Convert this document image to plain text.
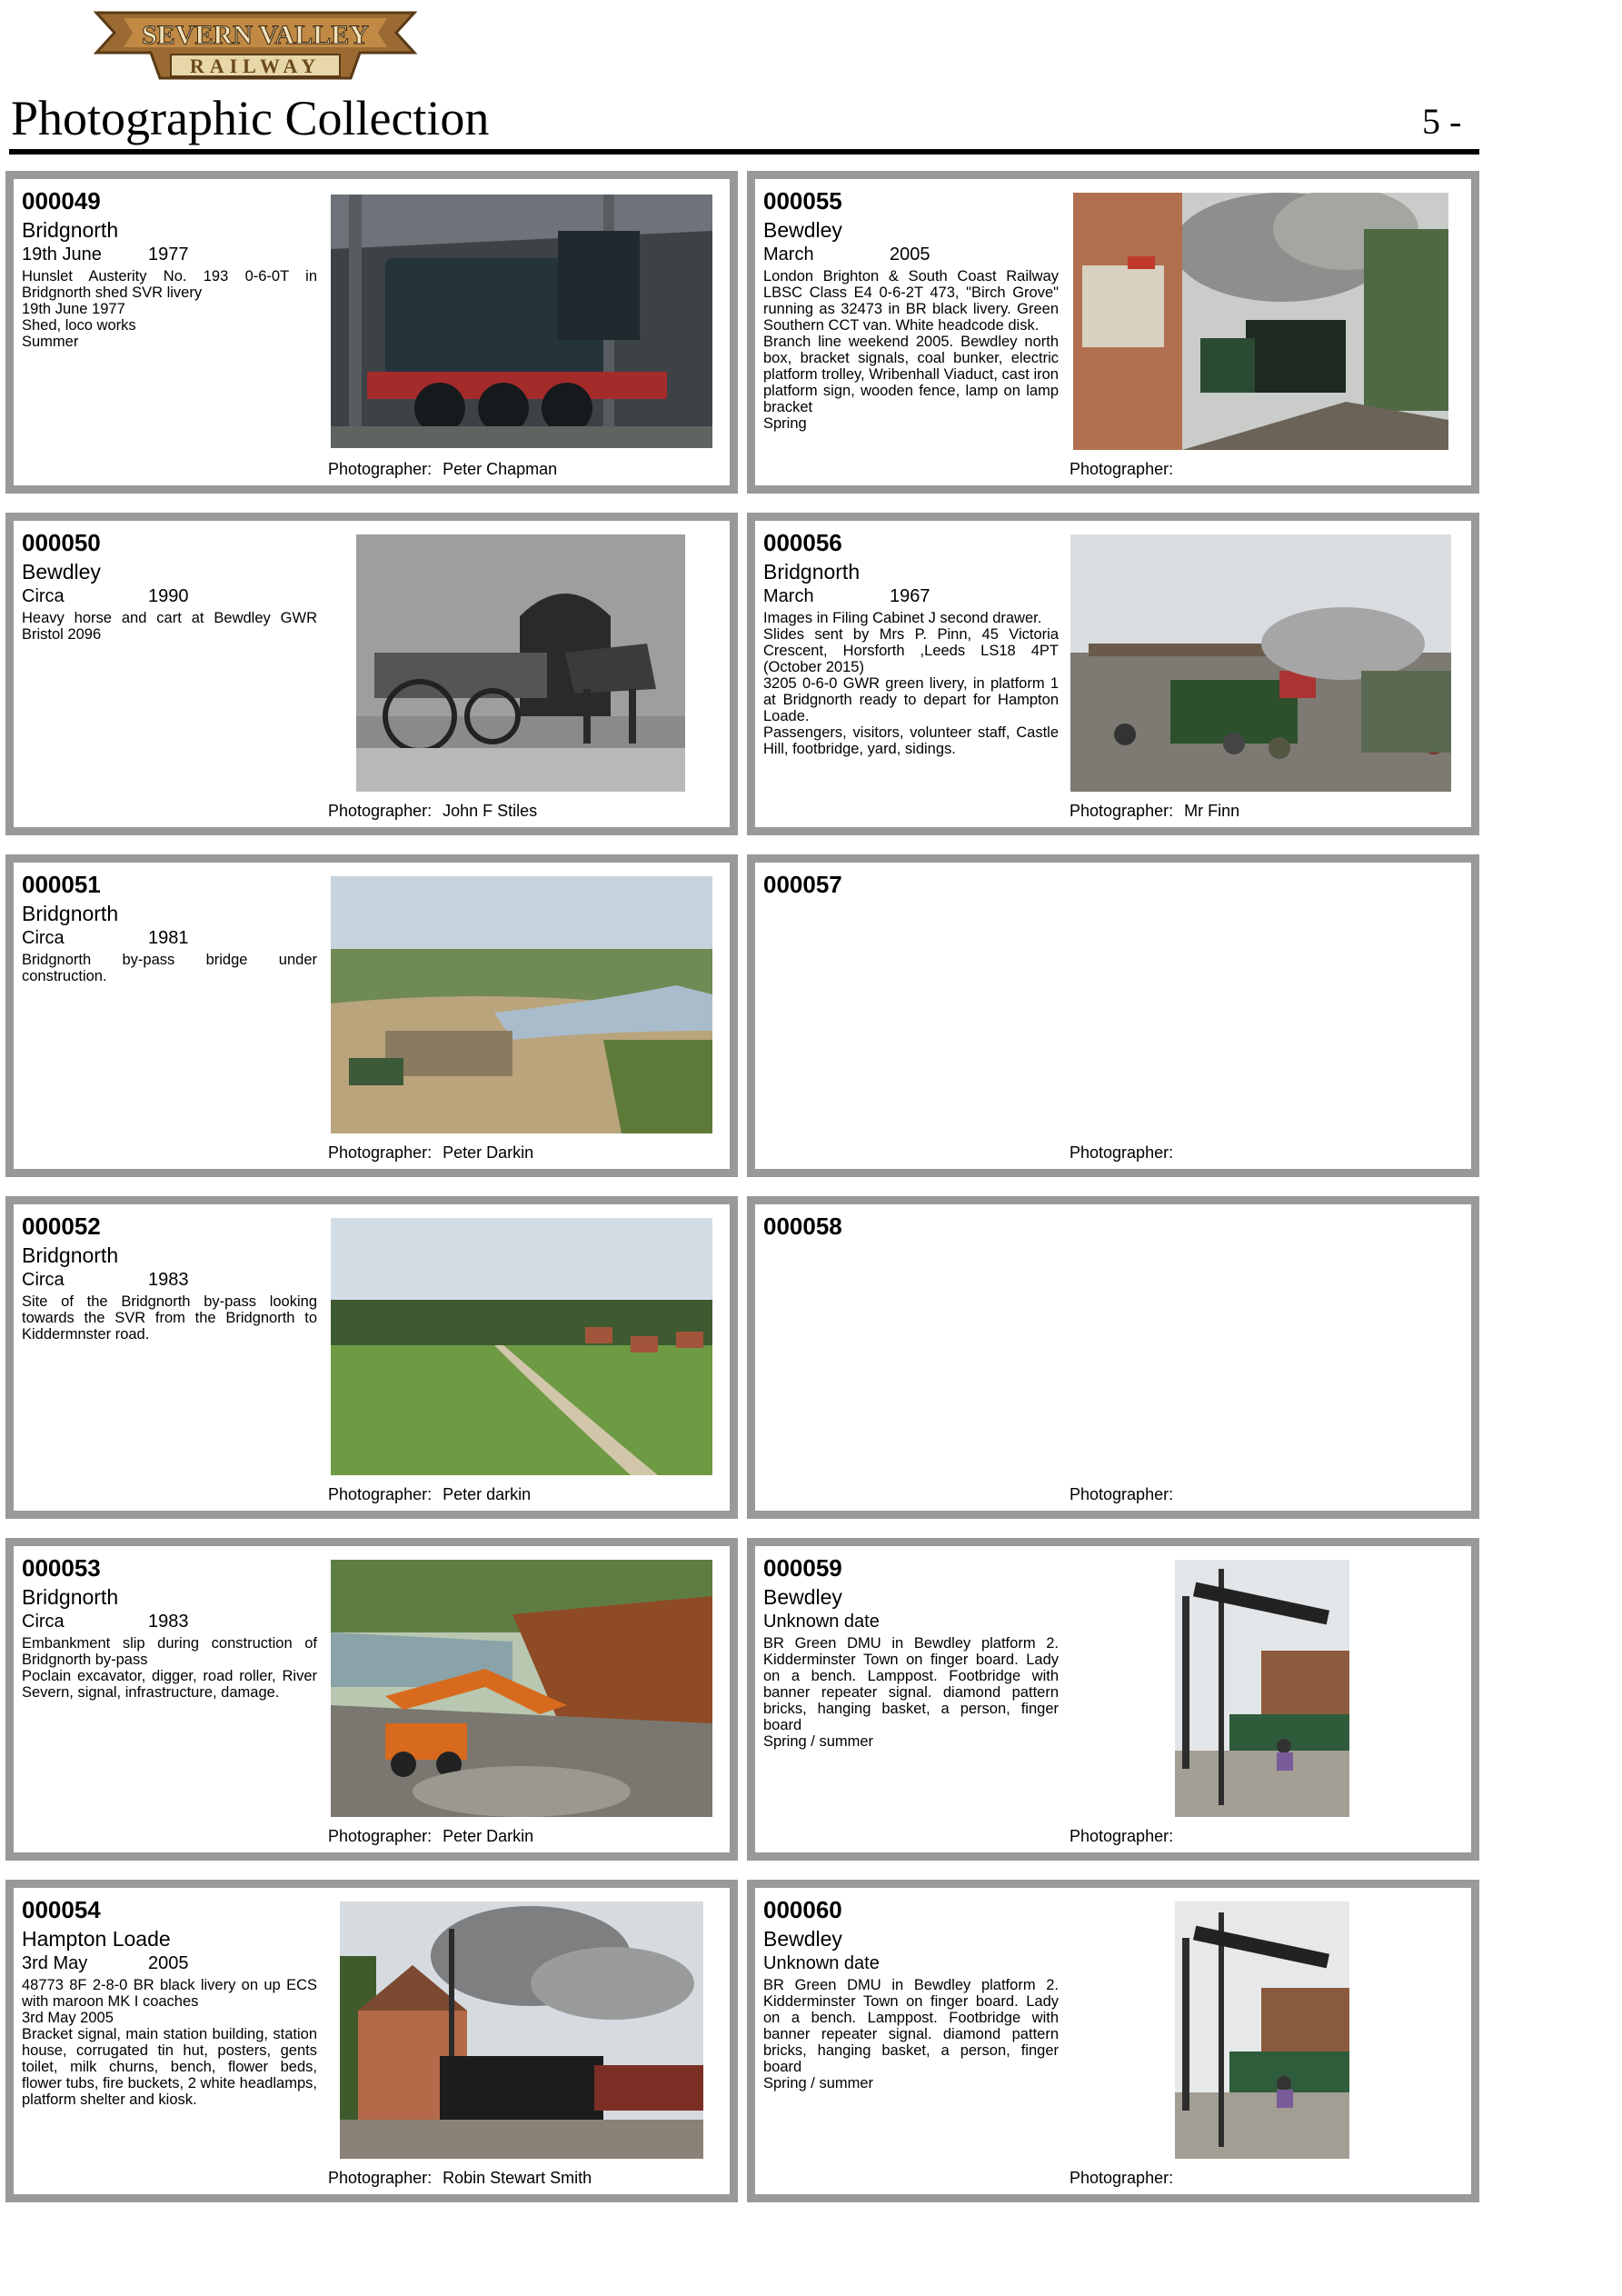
SEVERN VALLEY
RAILWAY
Photographic Collection	5 -
000049
Bridgnorth
19th June	1977
Hunslet Austerity No. 193 0-6-0T in Bridgnorth shed SVR livery
19th June 1977
Shed, loco works
Summer
Photographer: Peter Chapman
000055
Bewdley
March	2005
London Brighton & South Coast Railway LBSC Class E4 0-6-2T 473, "Birch Grove" running as 32473 in BR black livery. Green Southern CCT van. White headcode disk.
Branch line weekend 2005. Bewdley north box, bracket signals, coal bunker, electric platform trolley, Wribenhall Viaduct, cast iron platform sign, wooden fence, lamp on lamp bracket
Spring
Photographer:
000050
Bewdley
Circa	1990
Heavy horse and cart at Bewdley GWR Bristol 2096
Photographer: John F Stiles
000056
Bridgnorth
March	1967
Images in Filing Cabinet J second drawer.
Slides sent by Mrs P. Pinn, 45 Victoria Crescent, Horsforth ,Leeds LS18 4PT (October 2015)
3205 0-6-0 GWR green livery, in platform 1 at Bridgnorth ready to depart for Hampton Loade.
Passengers, visitors, volunteer staff, Castle Hill, footbridge, yard, sidings.
Photographer: Mr Finn
000051
Bridgnorth
Circa	1981
Bridgnorth by-pass bridge under construction.
Photographer: Peter Darkin
000057
Photographer:
000052
Bridgnorth
Circa	1983
Site of the Bridgnorth by-pass looking towards the SVR from the Bridgnorth to Kiddermnster road.
Photographer: Peter darkin
000058
Photographer:
000053
Bridgnorth
Circa	1983
Embankment slip during construction of Bridgnorth by-pass
Poclain excavator, digger, road roller, River Severn, signal, infrastructure, damage.
Photographer: Peter Darkin
000059
Bewdley
Unknown date
BR Green DMU in Bewdley platform 2. Kidderminster Town on finger board. Lady on a bench. Lamppost. Footbridge with banner repeater signal. diamond pattern bricks, hanging basket, a person, finger board
Spring / summer
Photographer:
000054
Hampton Loade
3rd May	2005
48773 8F 2-8-0 BR black livery on up ECS with maroon MK I coaches
3rd May 2005
Bracket signal, main station building, station house, corrugated tin hut, posters, gents toilet, milk churns, bench, flower beds, flower tubs, fire buckets, 2 white headlamps, platform shelter and kiosk.
Photographer: Robin Stewart Smith
000060
Bewdley
Unknown date
BR Green DMU in Bewdley platform 2. Kidderminster Town on finger board. Lady on a bench. Lamppost. Footbridge with banner repeater signal. diamond pattern bricks, hanging basket, a person, finger board
Spring / summer
Photographer:
